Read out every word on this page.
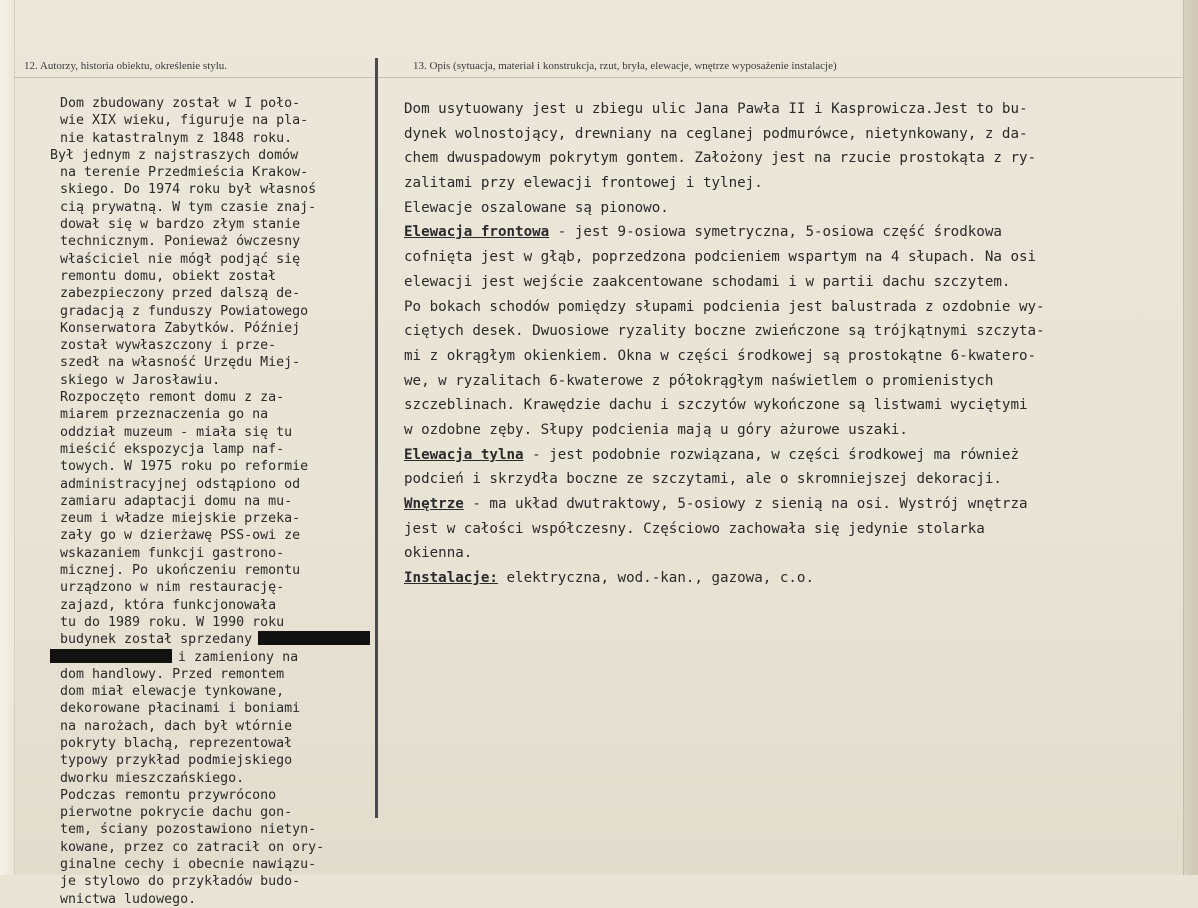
12. Autorzy, historia obiektu, określenie stylu.	13. Opis (sytuacja, materiał i konstrukcja, rzut, bryła, elewacje, wnętrze wyposażenie instalacje)
Dom zbudowany został w I poło-
wie XIX wieku, figuruje na pla-
nie katastralnym z 1848 roku.
Był jednym z najstraszych domów
na terenie Przedmieścia Krakow-
skiego. Do 1974 roku był własnoś
cią prywatną. W tym czasie znaj-
dował się w bardzo złym stanie
technicznym. Ponieważ ówczesny
właściciel nie mógł podjąć się
remontu domu, obiekt został
zabezpieczony przed dalszą de-
gradacją z funduszy Powiatowego
Konserwatora Zabytków. Później
został wywłaszczony i prze-
szedł na własność Urzędu Miej-
skiego w Jarosławiu.
Rozpoczęto remont domu z za-
miarem przeznaczenia go na
oddział muzeum - miała się tu
mieścić ekspozycja lamp naf-
towych. W 1975 roku po reformie
administracyjnej odstąpiono od
zamiaru adaptacji domu na mu-
zeum i władze miejskie przeka-
zały go w dzierżawę PSS-owi ze
wskazaniem funkcji gastrono-
micznej. Po ukończeniu remontu
urządzono w nim restaurację-
zajazd, która funkcjonowała
tu do 1989 roku. W 1990 roku
budynek został sprzedany
i zamieniony na
dom handlowy. Przed remontem
dom miał elewacje tynkowane,
dekorowane płacinami i boniami
na narożach, dach był wtórnie
pokryty blachą, reprezentował
typowy przykład podmiejskiego
dworku mieszczańskiego.
Podczas remontu przywrócono
pierwotne pokrycie dachu gon-
tem, ściany pozostawiono nietyn-
kowane, przez co zatracił on ory-
ginalne cechy i obecnie nawiązu-
je stylowo do przykładów budo-
wnictwa ludowego.
Dom usytuowany jest u zbiegu ulic Jana Pawła II i Kasprowicza.Jest to bu-
dynek wolnostojący, drewniany na ceglanej podmurówce, nietynkowany, z da-
chem dwuspadowym pokrytym gontem. Założony jest na rzucie prostokąta z ry-
zalitami przy elewacji frontowej i tylnej.
Elewacje oszalowane są pionowo.
Elewacja frontowa - jest 9-osiowa symetryczna, 5-osiowa część środkowa
cofnięta jest w głąb, poprzedzona podcieniem wspartym na 4 słupach. Na osi
elewacji jest wejście zaakcentowane schodami i w partii dachu szczytem.
Po bokach schodów pomiędzy słupami podcienia jest balustrada z ozdobnie wy-
ciętych desek. Dwuosiowe ryzality boczne zwieńczone są trójkątnymi szczyta-
mi z okrągłym okienkiem. Okna w części środkowej są prostokątne 6-kwatero-
we, w ryzalitach 6-kwaterowe z półokrągłym naświetlem o promienistych
szczeblinach. Krawędzie dachu i szczytów wykończone są listwami wyciętymi
w ozdobne zęby. Słupy podcienia mają u góry ażurowe uszaki.
Elewacja tylna - jest podobnie rozwiązana, w części środkowej ma również
podcień i skrzydła boczne ze szczytami, ale o skromniejszej dekoracji.
Wnętrze - ma układ dwutraktowy, 5-osiowy z sienią na osi. Wystrój wnętrza
jest w całości współczesny. Częściowo zachowała się jedynie stolarka
okienna.
Instalacje: elektryczna, wod.-kan., gazowa, c.o.
